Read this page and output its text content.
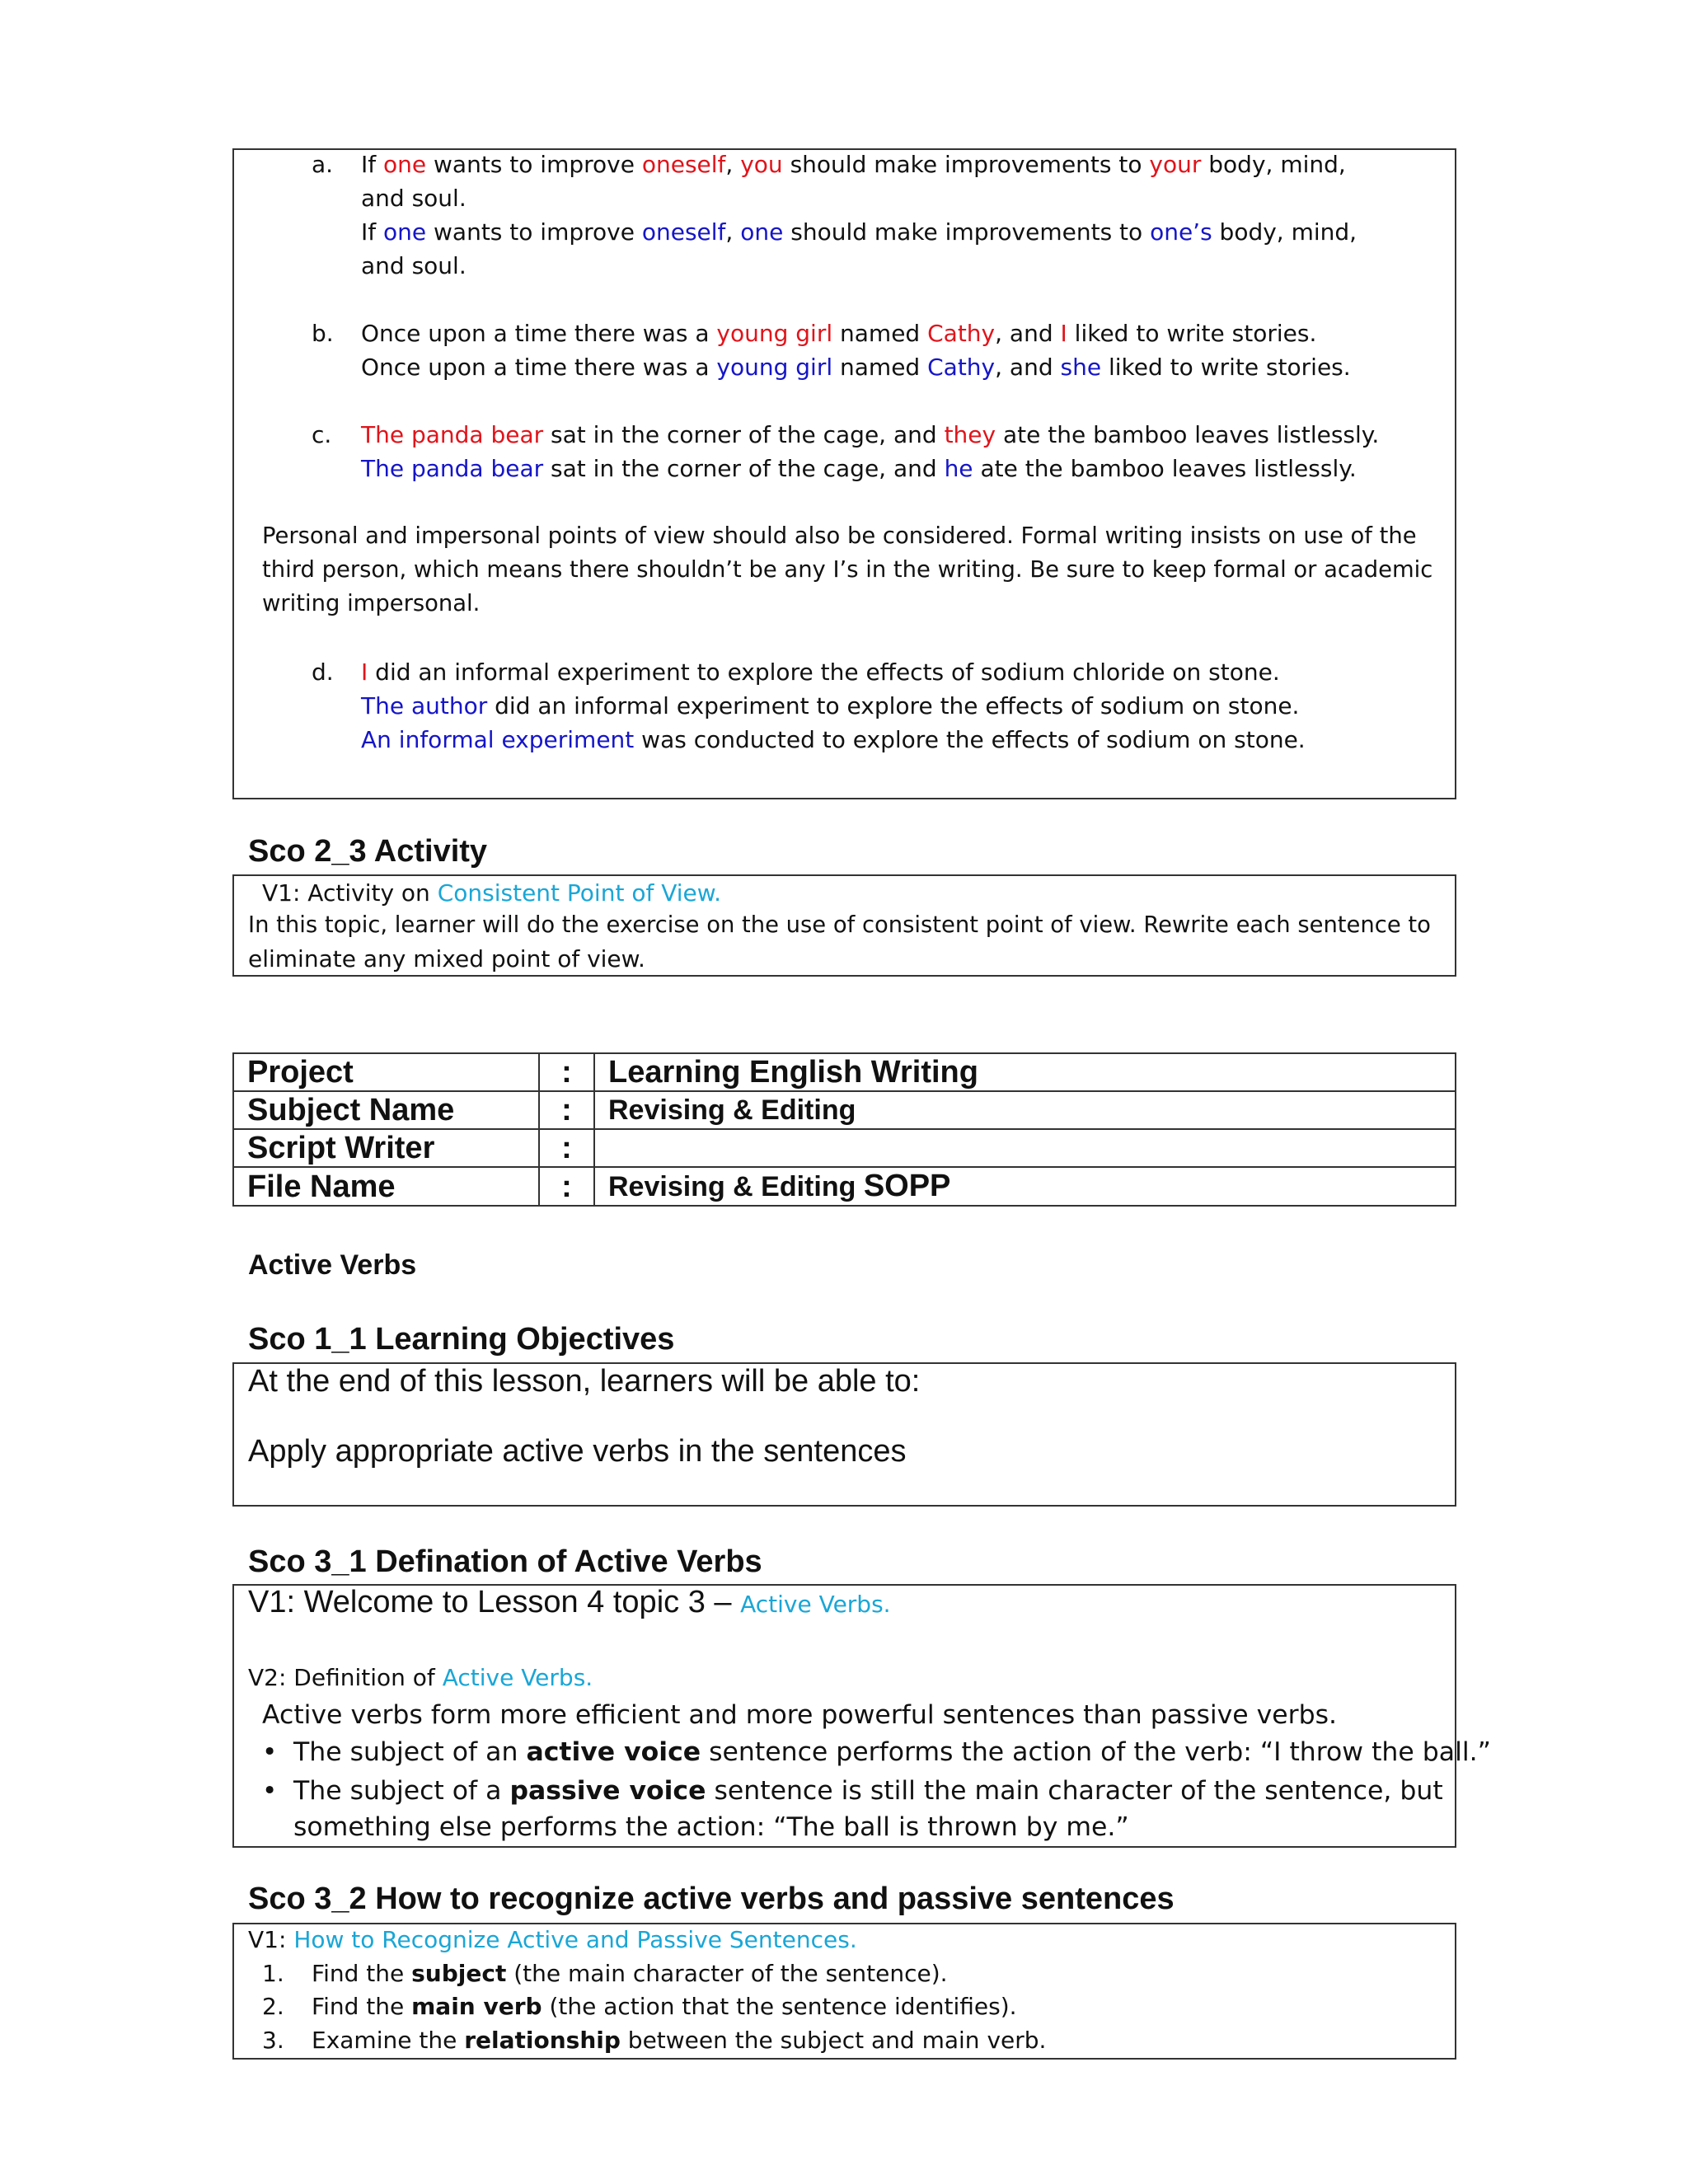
a. If one wants to improve oneself, you should make improvements to your body, mind,
and soul.
If one wants to improve oneself, one should make improvements to one’s body, mind,
and soul.
b. Once upon a time there was a young girl named Cathy, and I liked to write stories.
Once upon a time there was a young girl named Cathy, and she liked to write stories.
c. The panda bear sat in the corner of the cage, and they ate the bamboo leaves listlessly.
The panda bear sat in the corner of the cage, and he ate the bamboo leaves listlessly.
Personal and impersonal points of view should also be considered. Formal writing insists on use of the
third person, which means there shouldn’t be any I’s in the writing. Be sure to keep formal or academic
writing impersonal.
d. I did an informal experiment to explore the effects of sodium chloride on stone.
The author did an informal experiment to explore the effects of sodium on stone.
An informal experiment was conducted to explore the effects of sodium on stone.
Sco 2_3 Activity
V1: Activity on Consistent Point of View.
In this topic, learner will do the exercise on the use of consistent point of view. Rewrite each sentence to
eliminate any mixed point of view.
Project	:	Learning English Writing
Subject Name	:	Revising & Editing
Script Writer	:	
File Name	:	Revising & Editing SOPP
Active Verbs
Sco 1_1 Learning Objectives
At the end of this lesson, learners will be able to:
Apply appropriate active verbs in the sentences
Sco 3_1 Defination of Active Verbs
V1: Welcome to Lesson 4 topic 3 – Active Verbs.
V2: Definition of Active Verbs.
Active verbs form more efficient and more powerful sentences than passive verbs.
• The subject of an active voice sentence performs the action of the verb: “I throw the ball.”
• The subject of a passive voice sentence is still the main character of the sentence, but
something else performs the action: “The ball is thrown by me.”
Sco 3_2 How to recognize active verbs and passive sentences
V1: How to Recognize Active and Passive Sentences.
1. Find the subject (the main character of the sentence).
2. Find the main verb (the action that the sentence identifies).
3. Examine the relationship between the subject and main verb.
